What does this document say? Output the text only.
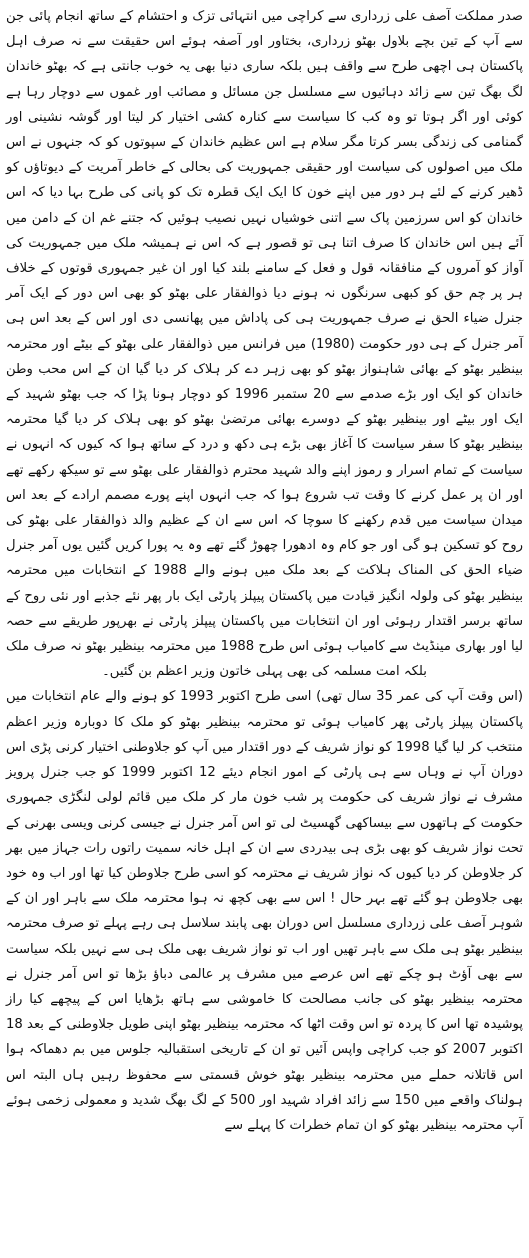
صدر مملکت آصف علی زرداری سے کراچی میں انتہائی تزک و احتشام کے ساتھ انجام پائی جن سے آپ کے تین بچے بلاول بھٹو زرداری، بختاور اور آصفہ ہوئے اس حقیقت سے نہ صرف اہل پاکستان ہی اچھی طرح سے واقف ہیں بلکہ ساری دنیا بھی یہ خوب جانتی ہے کہ بھٹو خاندان لگ بھگ تین سے زائد دہائیوں سے مسلسل جن مسائل و مصائب اور غموں سے دوچار رہا ہے کوئی اور اگر ہوتا تو وہ کب کا سیاست سے کنارہ کشی اختیار کر لیتا اور گوشہ نشینی اور گمنامی کی زندگی بسر کرتا مگر سلام ہے اس عظیم خاندان کے سپوتوں کو کہ جنہوں نے اس ملک میں اصولوں کی سیاست اور حقیقی جمہوریت کی بحالی کے خاطر آمریت کے دیوتاؤں کو ڈھیر کرنے کے لئے ہر دور میں اپنے خون کا ایک ایک قطرہ تک کو پانی کی طرح بہا دیا کہ اس خاندان کو اس سرزمین پاک سے اتنی خوشیاں نہیں نصیب ہوئیں کہ جتنے غم ان کے دامن میں آئے ہیں اس خاندان کا صرف اتنا ہی تو قصور ہے کہ اس نے ہمیشہ ملک میں جمہوریت کی آواز کو آمروں کے منافقانہ قول و فعل کے سامنے بلند کیا اور ان غیر جمہوری قوتوں کے خلاف ہر پر چم حق کو کبھی سرنگوں نہ ہونے دیا ذوالفقار علی بھٹو کو بھی اس دور کے ایک آمر جنرل ضیاء الحق نے صرف جمہوریت ہی کی پاداش میں پھانسی دی اور اس کے بعد اس ہی آمر جنرل کے ہی دور حکومت (1980) میں فرانس میں ذوالفقار علی بھٹو کے بیٹے اور محترمہ بینظیر بھٹو کے بھائی شاہنواز بھٹو کو بھی زہر دے کر ہلاک کر دیا گیا ان کے اس محب وطن خاندان کو ایک اور بڑے صدمے سے 20 ستمبر 1996 کو دوچار ہونا پڑا کہ جب بھٹو شہید کے ایک اور بیٹے اور بینظیر بھٹو کے دوسرے بھائی مرتضیٰ بھٹو کو بھی ہلاک کر دیا گیا محترمہ بینظیر بھٹو کا سفر سیاست کا آغاز بھی بڑے ہی دکھ و درد کے ساتھ ہوا کہ کیوں کہ انہوں نے سیاست کے تمام اسرار و رموز اپنے والد شہید محترم ذوالفقار علی بھٹو سے تو سیکھ رکھے تھے اور ان پر عمل کرنے کا وقت تب شروع ہوا کہ جب انہوں اپنے پورے مصمم ارادے کے بعد اس میدان سیاست میں قدم رکھنے کا سوچا کہ اس سے ان کے عظیم والد ذوالفقار علی بھٹو کی روح کو تسکین ہو گی اور جو کام وہ ادھورا چھوڑ گئے تھے وہ یہ پورا کریں گئیں یوں آمر جنرل ضیاء الحق کی المناک ہلاکت کے بعد ملک میں ہونے والے 1988 کے انتخابات میں محترمہ بینظیر بھٹو کی ولولہ انگیز قیادت میں پاکستان پیپلز پارٹی ایک بار پھر نئے جذبے اور نئی روح کے ساتھ برسر اقتدار رہوئی اور ان انتخابات میں پاکستان پیپلز پارٹی نے بھرپور طریقے سے حصہ لیا اور بھاری مینڈیٹ سے کامیاب ہوئی اس طرح 1988 میں محترمہ بینظیر بھٹو نہ صرف ملک بلکہ امت مسلمہ کی بھی پہلی خاتون وزیر اعظم بن گئیں۔

(اس وقت آپ کی عمر 35 سال تھی) اسی طرح اکتوبر 1993 کو ہونے والے عام انتخابات میں پاکستان پیپلز پارٹی پھر کامیاب ہوئی تو محترمہ بینظیر بھٹو کو ملک کا دوبارہ وزیر اعظم منتخب کر لیا گیا 1998 کو نواز شریف کے دور اقتدار میں آپ کو جلاوطنی اختیار کرنی پڑی اس دوران آپ نے وہاں سے ہی پارٹی کے امور انجام دیئے 12 اکتوبر 1999 کو جب جنرل پرویز مشرف نے نواز شریف کی حکومت پر شب خون مار کر ملک میں قائم لولی لنگڑی جمہوری حکومت کے ہاتھوں سے بیساکھی گھسیٹ لی تو اس آمر جنرل نے جیسی کرنی ویسی بھرنی کے تحت نواز شریف کو بھی بڑی ہی بیدردی سے ان کے اہل خانہ سمیت راتوں رات جہاز میں بھر کر جلاوطن کر دیا کیوں کہ نواز شریف نے محترمہ کو اسی طرح جلاوطن کیا تھا اور اب وہ خود بھی جلاوطن ہو گئے تھے بہر حال ! اس سے بھی کچھ نہ ہوا محترمہ ملک سے باہر اور ان کے شوہر آصف علی زرداری مسلسل اس دوران بھی پابند سلاسل ہی رہے پہلے تو صرف محترمہ بینظیر بھٹو ہی ملک سے باہر تھیں اور اب تو نواز شریف بھی ملک ہی سے نہیں بلکہ سیاست سے بھی آؤٹ ہو چکے تھے اس عرصے میں مشرف پر عالمی دباؤ بڑھا تو اس آمر جنرل نے محترمہ بینظیر بھٹو کی جانب مصالحت کا خاموشی سے ہاتھ بڑھایا اس کے پیچھے کیا راز پوشیدہ تھا اس کا پردہ تو اس وقت اٹھا کہ محترمہ بینظیر بھٹو اپنی طویل جلاوطنی کے بعد 18 اکتوبر 2007 کو جب کراچی واپس آئیں تو ان کے تاریخی استقبالیہ جلوس میں بم دھماکہ ہوا اس قاتلانہ حملے میں محترمہ بینظیر بھٹو خوش قسمتی سے محفوظ رہیں ہاں البتہ اس ہولناک واقعے میں 150 سے زائد افراد شہید اور 500 کے لگ بھگ شدید و معمولی زخمی ہوئے آپ محترمہ بینظیر بھٹو کو ان تمام خطرات کا پہلے سے
